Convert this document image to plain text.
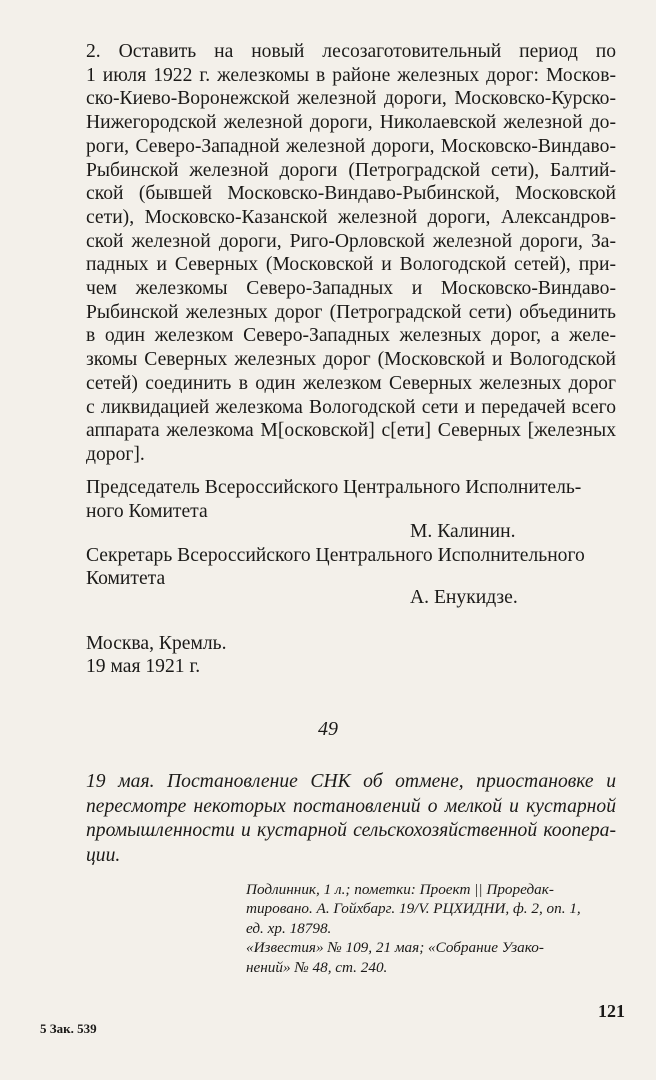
2. Оставить на новый лесозаготовительный период по
1 июля 1922 г. железкомы в районе железных дорог: Москов-
ско-Киево-Воронежской железной дороги, Московско-Курско-
Нижегородской железной дороги, Николаевской железной до-
роги, Северо-Западной железной дороги, Московско-Виндаво-
Рыбинской железной дороги (Петроградской сети), Балтий-
ской (бывшей Московско-Виндаво-Рыбинской, Московской
сети), Московско-Казанской железной дороги, Александров-
ской железной дороги, Риго-Орловской железной дороги, За-
падных и Северных (Московской и Вологодской сетей), при-
чем железкомы Северо-Западных и Московско-Виндаво-
Рыбинской железных дорог (Петроградской сети) объединить
в один железком Северо-Западных железных дорог, а желе-
зкомы Северных железных дорог (Московской и Вологодской
сетей) соединить в один железком Северных железных дорог
с ликвидацией железкома Вологодской сети и передачей всего
аппарата железкома М[осковской] с[ети] Северных [железных
дорог].
Председатель Всероссийского Центрального Исполнитель-
ного Комитета
М. Калинин.
Секретарь Всероссийского Центрального Исполнительного
Комитета
А. Енукидзе.
Москва, Кремль.
19 мая 1921 г.
49
19 мая. Постановление СНК об отмене, приостановке и
пересмотре некоторых постановлений о мелкой и кустарной
промышленности и кустарной сельскохозяйственной коопера-
ции.
Подлинник, 1 л.; пометки: Проект || Проредак-
тировано. А. Гойхбарг. 19/V. РЦХИДНИ, ф. 2, оп. 1,
ед. хр. 18798.
«Известия» № 109, 21 мая; «Собрание Узако-
нений» № 48, ст. 240.
5 Зак. 539
121
